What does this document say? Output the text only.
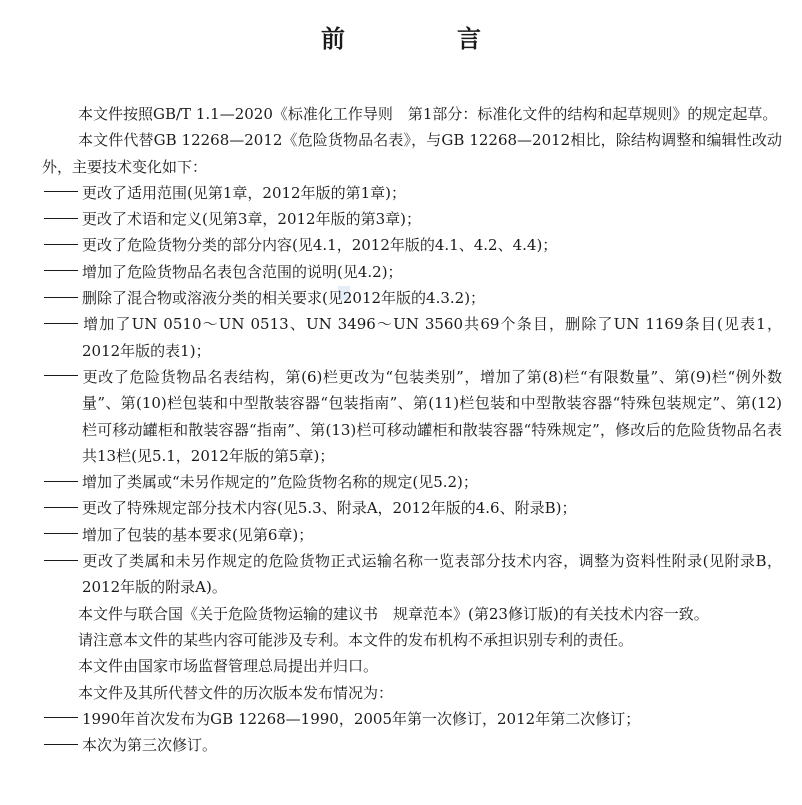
前　言

本文件按照GB/T 1.1—2020《标准化工作导则　第1部分：标准化文件的结构和起草规则》的规定起草。

本文件代替GB 12268—2012《危险货物品名表》，与GB 12268—2012相比，除结构调整和编辑性改动外，主要技术变化如下：

更改了适用范围(见第1章，2012年版的第1章)；

更改了术语和定义(见第3章，2012年版的第3章)；

更改了危险货物分类的部分内容(见4.1，2012年版的4.1、4.2、4.4)；

增加了危险货物品名表包含范围的说明(见4.2)；

删除了混合物或溶液分类的相关要求(见2012年版的4.3.2)；

增加了UN 0510～UN 0513、UN 3496～UN 3560共69个条目，删除了UN 1169条目(见表1，2012年版的表1)；

更改了危险货物品名表结构，第(6)栏更改为“包装类别”，增加了第(8)栏“有限数量”、第(9)栏“例外数量”、第(10)栏包装和中型散装容器“包装指南”、第(11)栏包装和中型散装容器“特殊包装规定”、第(12)栏可移动罐柜和散装容器“指南”、第(13)栏可移动罐柜和散装容器“特殊规定”，修改后的危险货物品名表共13栏(见5.1，2012年版的第5章)；

增加了类属或“未另作规定的”危险货物名称的规定(见5.2)；

更改了特殊规定部分技术内容(见5.3、附录A，2012年版的4.6、附录B)；

增加了包装的基本要求(见第6章)；

更改了类属和未另作规定的危险货物正式运输名称一览表部分技术内容，调整为资料性附录(见附录B，2012年版的附录A)。

本文件与联合国《关于危险货物运输的建议书　规章范本》(第23修订版)的有关技术内容一致。

请注意本文件的某些内容可能涉及专利。本文件的发布机构不承担识别专利的责任。

本文件由国家市场监督管理总局提出并归口。

本文件及其所代替文件的历次版本发布情况为：

1990年首次发布为GB 12268—1990，2005年第一次修订，2012年第二次修订；

本次为第三次修订。
